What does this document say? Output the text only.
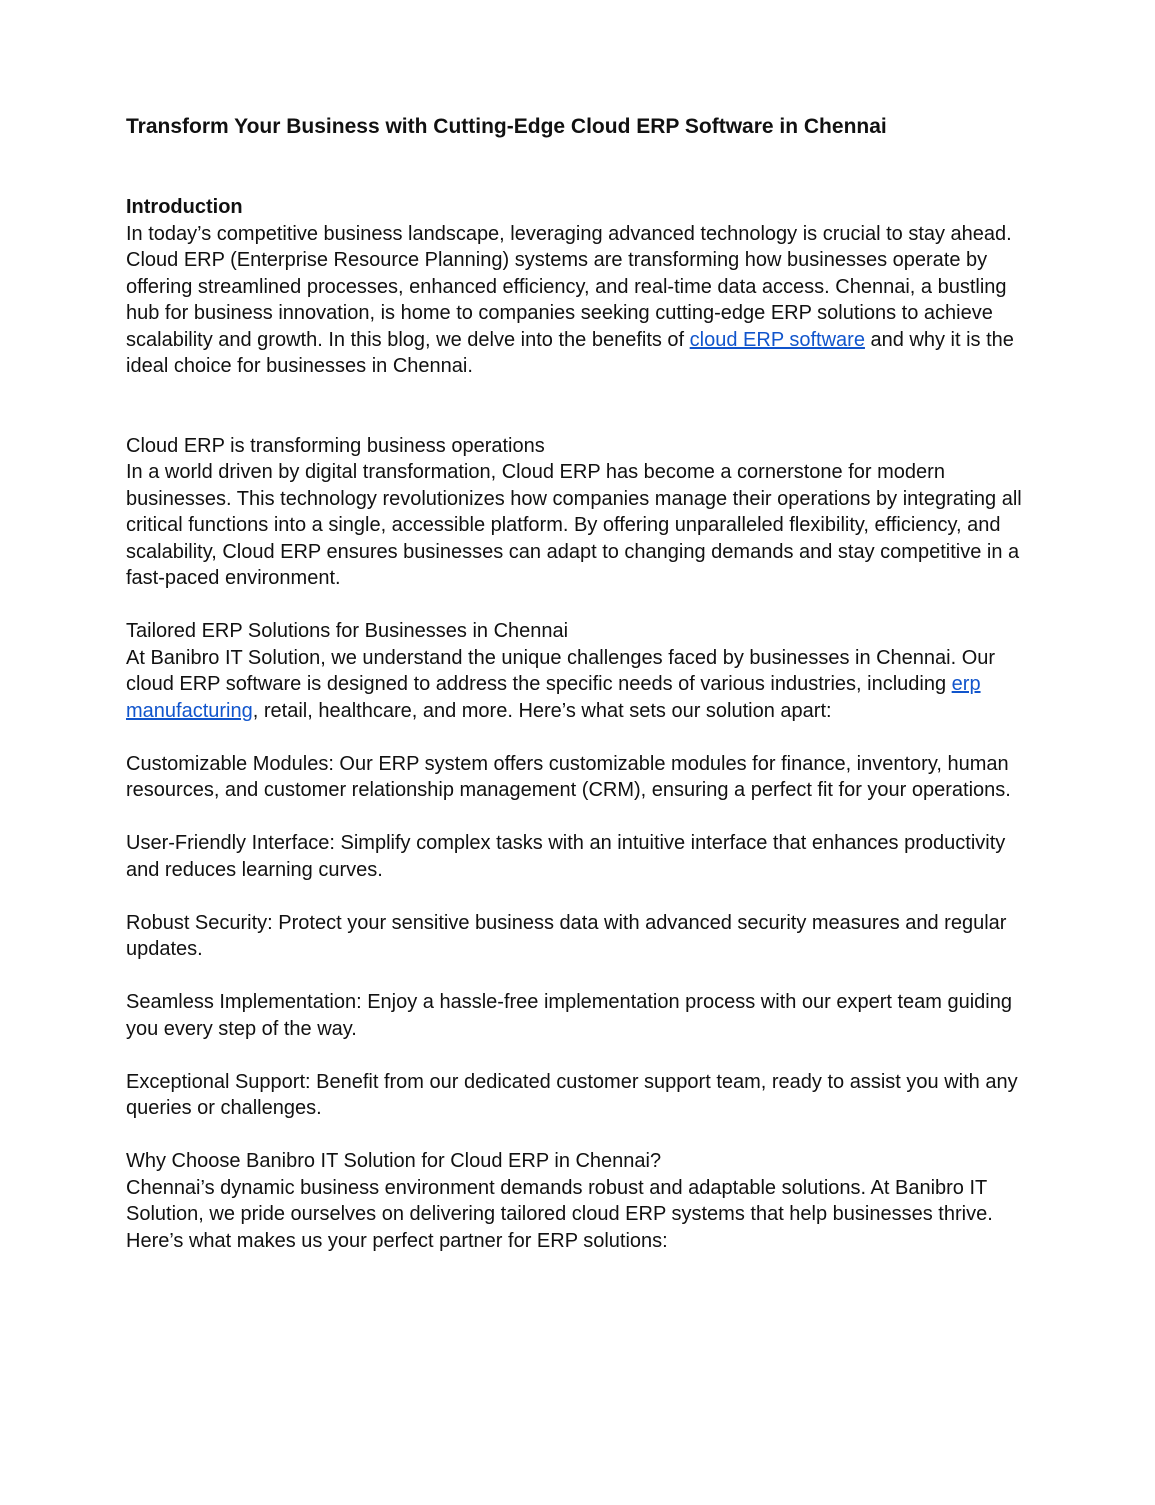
Transform Your Business with Cutting-Edge Cloud ERP Software in Chennai
Introduction

In today’s competitive business landscape, leveraging advanced technology is crucial to stay ahead. Cloud ERP (Enterprise Resource Planning) systems are transforming how businesses operate by offering streamlined processes, enhanced efficiency, and real-time data access. Chennai, a bustling hub for business innovation, is home to companies seeking cutting-edge ERP solutions to achieve scalability and growth. In this blog, we delve into the benefits of cloud ERP software and why it is the ideal choice for businesses in Chennai.

Cloud ERP is transforming business operations

In a world driven by digital transformation, Cloud ERP has become a cornerstone for modern businesses. This technology revolutionizes how companies manage their operations by integrating all critical functions into a single, accessible platform. By offering unparalleled flexibility, efficiency, and scalability, Cloud ERP ensures businesses can adapt to changing demands and stay competitive in a fast-paced environment.

Tailored ERP Solutions for Businesses in Chennai

At Banibro IT Solution, we understand the unique challenges faced by businesses in Chennai. Our cloud ERP software is designed to address the specific needs of various industries, including erp manufacturing, retail, healthcare, and more. Here’s what sets our solution apart:

Customizable Modules: Our ERP system offers customizable modules for finance, inventory, human resources, and customer relationship management (CRM), ensuring a perfect fit for your operations.

User-Friendly Interface: Simplify complex tasks with an intuitive interface that enhances productivity and reduces learning curves.

Robust Security: Protect your sensitive business data with advanced security measures and regular updates.

Seamless Implementation: Enjoy a hassle-free implementation process with our expert team guiding you every step of the way.

Exceptional Support: Benefit from our dedicated customer support team, ready to assist you with any queries or challenges.

Why Choose Banibro IT Solution for Cloud ERP in Chennai?

Chennai’s dynamic business environment demands robust and adaptable solutions. At Banibro IT Solution, we pride ourselves on delivering tailored cloud ERP systems that help businesses thrive. Here’s what makes us your perfect partner for ERP solutions:
